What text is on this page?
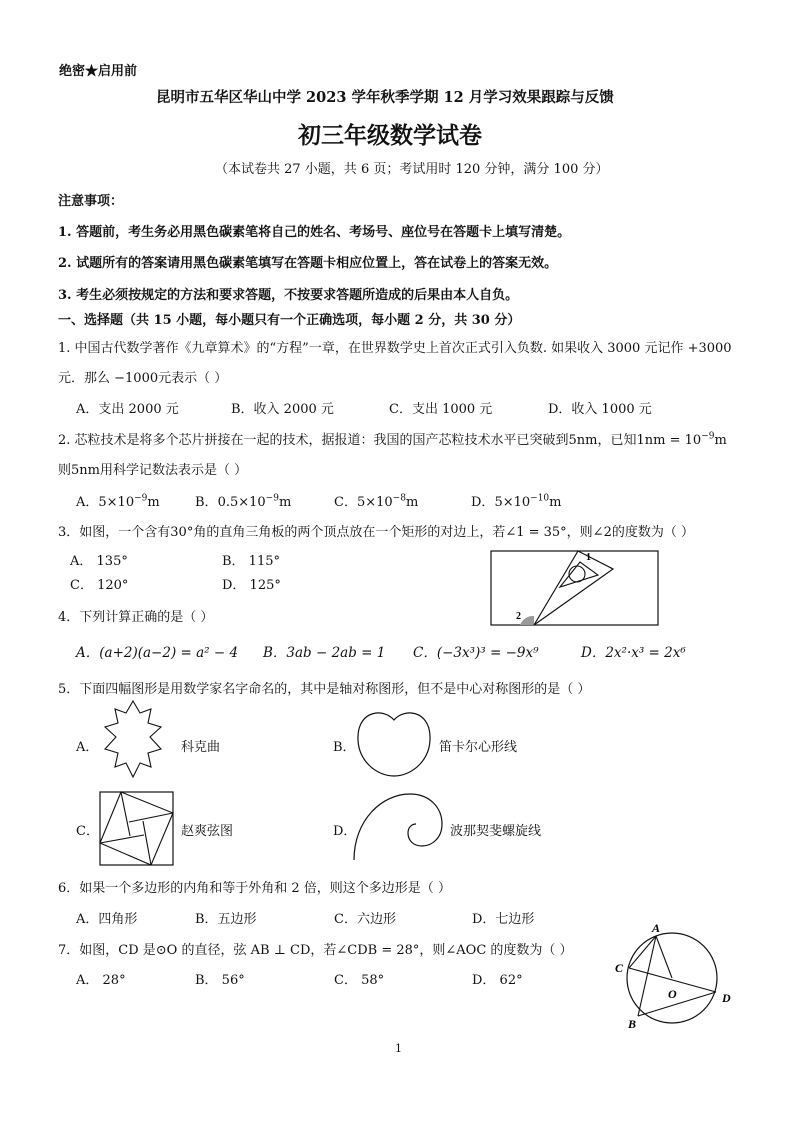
绝密★启用前
昆明市五华区华山中学 2023 学年秋季学期 12 月学习效果跟踪与反馈
初三年级数学试卷
（本试卷共 27 小题，共 6 页；考试用时 120 分钟，满分 100 分）
注意事项：
1. 答题前，考生务必用黑色碳素笔将自己的姓名、考场号、座位号在答题卡上填写清楚。
2. 试题所有的答案请用黑色碳素笔填写在答题卡相应位置上，答在试卷上的答案无效。
3. 考生必须按规定的方法和要求答题，不按要求答题所造成的后果由本人自负。
一、选择题（共 15 小题，每小题只有一个正确选项，每小题 2 分，共 30 分）
1. 中国古代数学著作《九章算术》的“方程”一章，在世界数学史上首次正式引入负数. 如果收入 3000 元记作 +3000
元．那么 −1000元表示（ ）
A．支出 2000 元	B．收入 2000 元	C．支出 1000 元	D．收入 1000 元
2. 芯粒技术是将多个芯片拼接在一起的技术，据报道：我国的国产芯粒技术水平已突破到5nm，已知$1nm = 10^{-9}m$
则5nm用科学记数法表示是（ ）
A．$5\times 10^{-9}m$	B．$0.5\times 10^{-9}m$	C．$5\times 10^{-8}m$	D．$5\times 10^{-10}m$
3．如图，一个含有30°角的直角三角板的两个顶点放在一个矩形的对边上，若∠1 = 35°，则∠2的度数为（ ）
A． 135°	B． 115°
C． 120°	D． 125°
1
2
4．下列计算正确的是（ ）
A．(a+2)(a−2) = a² − 4 B．3ab − 2ab = 1 C．(−3x³)³ = −9x⁹	D．2x²·x³ = 2x⁶
5．下面四幅图形是用数学家名字命名的，其中是轴对称图形，但不是中心对称图形的是（ ）
A．	科克曲	B．	笛卡尔心形线
C．	赵爽弦图	D．	波那契斐螺旋线
6．如果一个多边形的内角和等于外角和 2 倍，则这个多边形是（ ）
A．四角形	B．五边形	C．六边形	D．七边形
7．如图，CD 是⊙O 的直径，弦 AB ⊥ CD，若∠CDB = 28°，则∠AOC 的度数为（ ）
A． 28°	B． 56°	C． 58°	D． 62°
A
C
O	D
B
1
